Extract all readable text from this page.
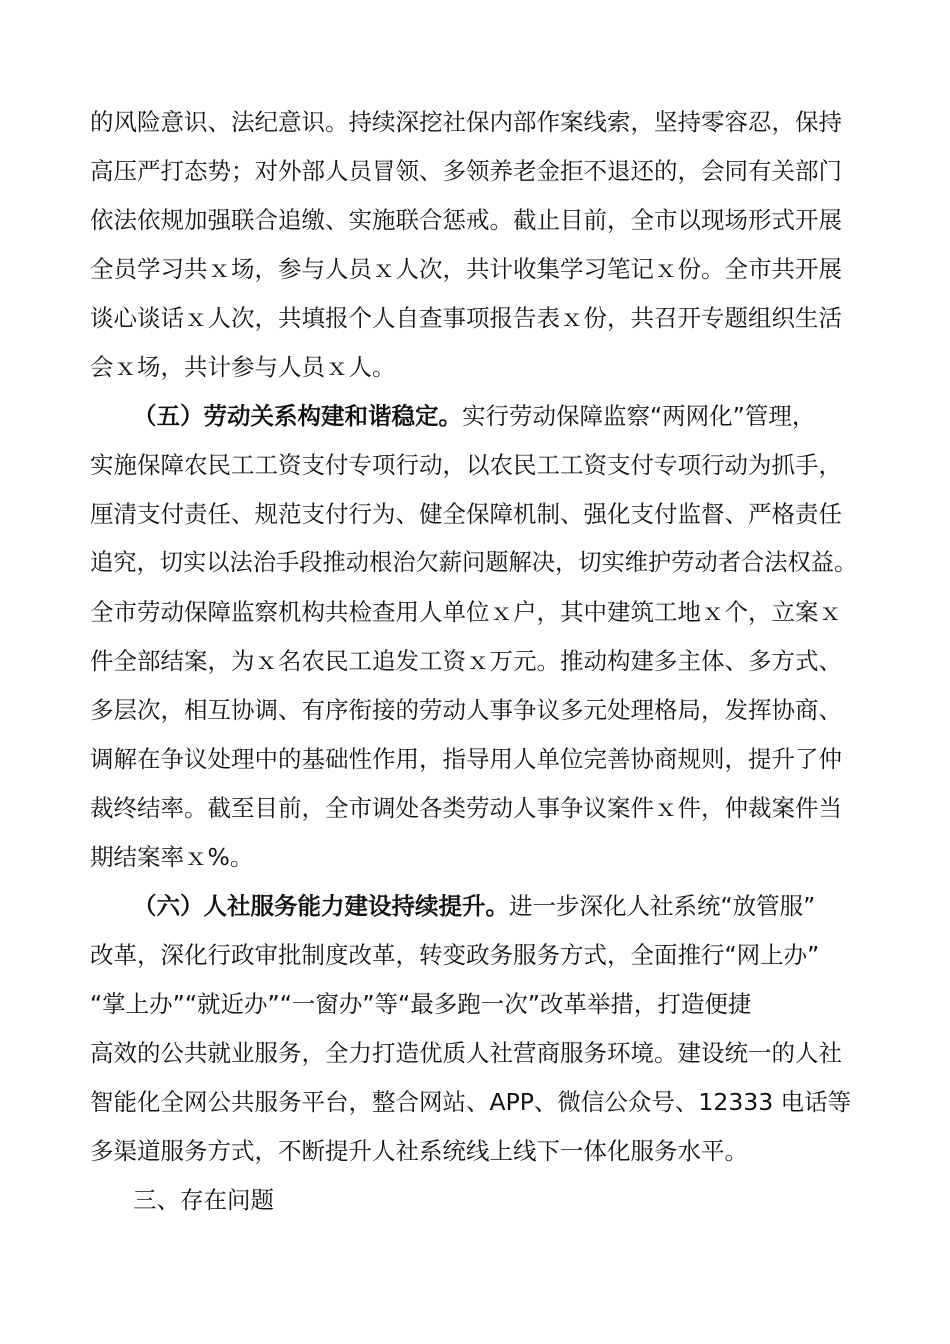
的风险意识、法纪意识。持续深挖社保内部作案线索，坚持零容忍，保持
高压严打态势；对外部人员冒领、多领养老金拒不退还的，会同有关部门
依法依规加强联合追缴、实施联合惩戒。截止目前，全市以现场形式开展
全员学习共ｘ场，参与人员ｘ人次，共计收集学习笔记ｘ份。全市共开展
谈心谈话ｘ人次，共填报个人自查事项报告表ｘ份，共召开专题组织生活
会ｘ场，共计参与人员ｘ人。
（五）劳动关系构建和谐稳定。实行劳动保障监察“两网化”管理，
实施保障农民工工资支付专项行动，以农民工工资支付专项行动为抓手，
厘清支付责任、规范支付行为、健全保障机制、强化支付监督、严格责任
追究，切实以法治手段推动根治欠薪问题解决，切实维护劳动者合法权益。
全市劳动保障监察机构共检查用人单位ｘ户，其中建筑工地ｘ个，立案ｘ
件全部结案，为ｘ名农民工追发工资ｘ万元。推动构建多主体、多方式、
多层次，相互协调、有序衔接的劳动人事争议多元处理格局，发挥协商、
调解在争议处理中的基础性作用，指导用人单位完善协商规则，提升了仲
裁终结率。截至目前，全市调处各类劳动人事争议案件ｘ件，仲裁案件当
期结案率ｘ%。
（六）人社服务能力建设持续提升。进一步深化人社系统“放管服”
改革，深化行政审批制度改革，转变政务服务方式，全面推行“网上办”
“掌上办”“就近办”“一窗办”等“最多跑一次”改革举措，打造便捷
高效的公共就业服务，全力打造优质人社营商服务环境。建设统一的人社
智能化全网公共服务平台，整合网站、APP、微信公众号、12333 电话等
多渠道服务方式，不断提升人社系统线上线下一体化服务水平。
三、存在问题
